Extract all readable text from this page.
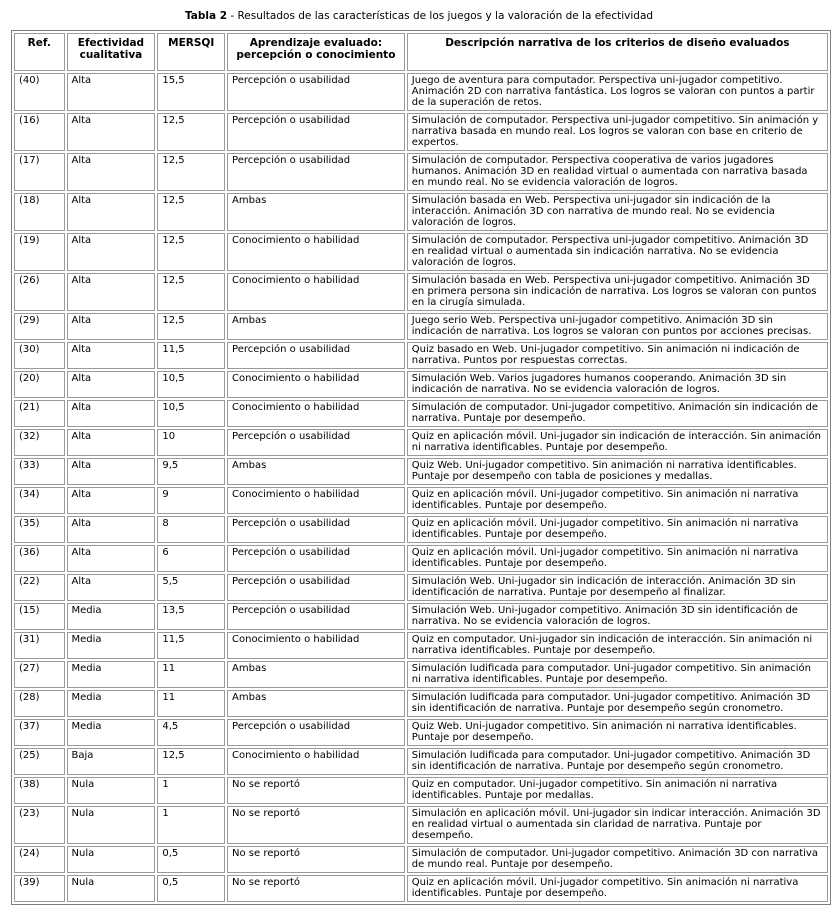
Tabla 2 - Resultados de las características de los juegos y la valoración de la efectividad
Ref.	Efectividad cualitativa	MERSQI	Aprendizaje evaluado: percepción o conocimiento	Descripción narrativa de los criterios de diseño evaluados
(40)	Alta	15,5	Percepción o usabilidad	Juego de aventura para computador. Perspectiva uni-jugador competitivo. Animación 2D con narrativa fantástica. Los logros se valoran con puntos a partir de la superación de retos.
(16)	Alta	12,5	Percepción o usabilidad	Simulación de computador. Perspectiva uni-jugador competitivo. Sin animación y narrativa basada en mundo real. Los logros se valoran con base en criterio de expertos.
(17)	Alta	12,5	Percepción o usabilidad	Simulación de computador. Perspectiva cooperativa de varios jugadores humanos. Animación 3D en realidad virtual o aumentada con narrativa basada en mundo real. No se evidencia valoración de logros.
(18)	Alta	12,5	Ambas	Simulación basada en Web. Perspectiva uni-jugador sin indicación de la interacción. Animación 3D con narrativa de mundo real. No se evidencia valoración de logros.
(19)	Alta	12,5	Conocimiento o habilidad	Simulación de computador. Perspectiva uni-jugador competitivo. Animación 3D en realidad virtual o aumentada sin indicación narrativa. No se evidencia valoración de logros.
(26)	Alta	12,5	Conocimiento o habilidad	Simulación basada en Web. Perspectiva uni-jugador competitivo. Animación 3D en primera persona sin indicación de narrativa. Los logros se valoran con puntos en la cirugía simulada.
(29)	Alta	12,5	Ambas	Juego serio Web. Perspectiva uni-jugador competitivo. Animación 3D sin indicación de narrativa. Los logros se valoran con puntos por acciones precisas.
(30)	Alta	11,5	Percepción o usabilidad	Quiz basado en Web. Uni-jugador competitivo. Sin animación ni indicación de narrativa. Puntos por respuestas correctas.
(20)	Alta	10,5	Conocimiento o habilidad	Simulación Web. Varios jugadores humanos cooperando. Animación 3D sin indicación de narrativa. No se evidencia valoración de logros.
(21)	Alta	10,5	Conocimiento o habilidad	Simulación de computador. Uni-jugador competitivo. Animación sin indicación de narrativa. Puntaje por desempeño.
(32)	Alta	10	Percepción o usabilidad	Quiz en aplicación móvil. Uni-jugador sin indicación de interacción. Sin animación ni narrativa identificables. Puntaje por desempeño.
(33)	Alta	9,5	Ambas	Quiz Web. Uni-jugador competitivo. Sin animación ni narrativa identificables. Puntaje por desempeño con tabla de posiciones y medallas.
(34)	Alta	9	Conocimiento o habilidad	Quiz en aplicación móvil. Uni-jugador competitivo. Sin animación ni narrativa identificables. Puntaje por desempeño.
(35)	Alta	8	Percepción o usabilidad	Quiz en aplicación móvil. Uni-jugador competitivo. Sin animación ni narrativa identificables. Puntaje por desempeño.
(36)	Alta	6	Percepción o usabilidad	Quiz en aplicación móvil. Uni-jugador competitivo. Sin animación ni narrativa identificables. Puntaje por desempeño.
(22)	Alta	5,5	Percepción o usabilidad	Simulación Web. Uni-jugador sin indicación de interacción. Animación 3D sin identificación de narrativa. Puntaje por desempeño al finalizar.
(15)	Media	13,5	Percepción o usabilidad	Simulación Web. Uni-jugador competitivo. Animación 3D sin identificación de narrativa. No se evidencia valoración de logros.
(31)	Media	11,5	Conocimiento o habilidad	Quiz en computador. Uni-jugador sin indicación de interacción. Sin animación ni narrativa identificables. Puntaje por desempeño.
(27)	Media	11	Ambas	Simulación ludificada para computador. Uni-jugador competitivo. Sin animación ni narrativa identificables. Puntaje por desempeño.
(28)	Media	11	Ambas	Simulación ludificada para computador. Uni-jugador competitivo. Animación 3D sin identificación de narrativa. Puntaje por desempeño según cronometro.
(37)	Media	4,5	Percepción o usabilidad	Quiz Web. Uni-jugador competitivo. Sin animación ni narrativa identificables. Puntaje por desempeño.
(25)	Baja	12,5	Conocimiento o habilidad	Simulación ludificada para computador. Uni-jugador competitivo. Animación 3D sin identificación de narrativa. Puntaje por desempeño según cronometro.
(38)	Nula	1	No se reportó	Quiz en computador. Uni-jugador competitivo. Sin animación ni narrativa identificables. Puntaje por medallas.
(23)	Nula	1	No se reportó	Simulación en aplicación móvil. Uni-jugador sin indicar interacción. Animación 3D en realidad virtual o aumentada sin claridad de narrativa. Puntaje por desempeño.
(24)	Nula	0,5	No se reportó	Simulación de computador. Uni-jugador competitivo. Animación 3D con narrativa de mundo real. Puntaje por desempeño.
(39)	Nula	0,5	No se reportó	Quiz en aplicación móvil. Uni-jugador competitivo. Sin animación ni narrativa identificables. Puntaje por desempeño.
